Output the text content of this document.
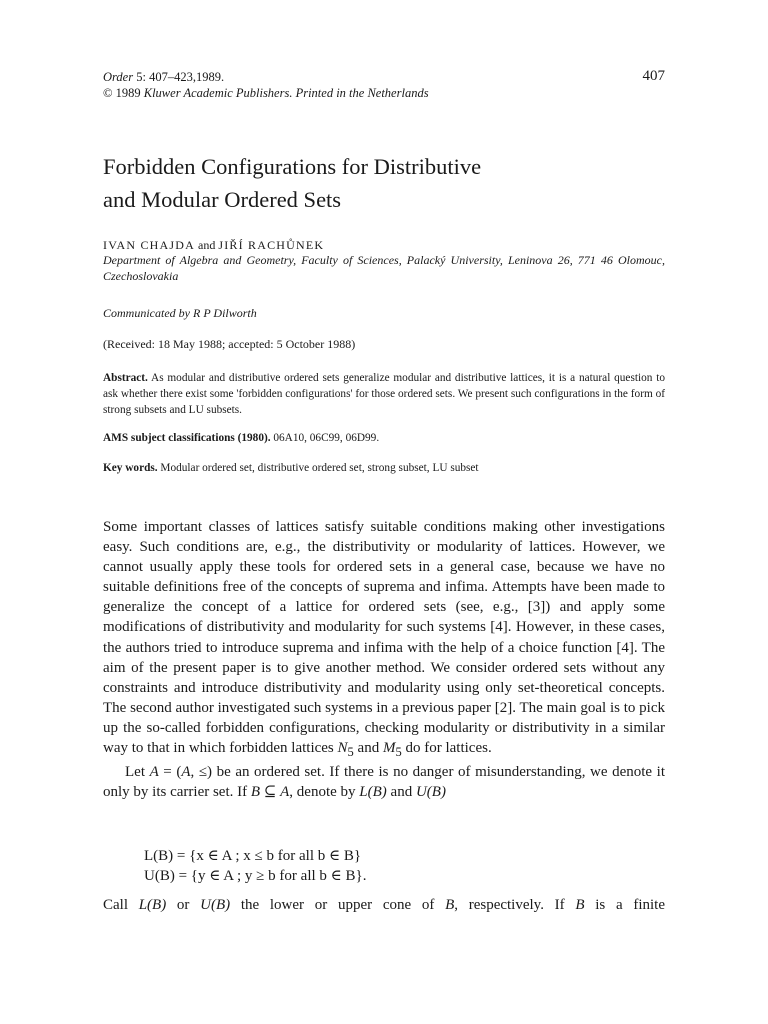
Order 5: 407–423,1989.
© 1989 Kluwer Academic Publishers. Printed in the Netherlands
407
Forbidden Configurations for Distributive
and Modular Ordered Sets
IVAN CHAJDA and JIŘÍ RACHŮNEK
Department of Algebra and Geometry, Faculty of Sciences, Palacký University, Leninova 26, 771 46 Olomouc, Czechoslovakia
Communicated by R P Dilworth
(Received: 18 May 1988; accepted: 5 October 1988)
Abstract. As modular and distributive ordered sets generalize modular and distributive lattices, it is a natural question to ask whether there exist some 'forbidden configurations' for those ordered sets. We present such configurations in the form of strong subsets and LU subsets.
AMS subject classifications (1980). 06A10, 06C99, 06D99.
Key words. Modular ordered set, distributive ordered set, strong subset, LU subset

Some important classes of lattices satisfy suitable conditions making other investigations easy. Such conditions are, e.g., the distributivity or modularity of lattices. However, we cannot usually apply these tools for ordered sets in a general case, because we have no suitable definitions free of the concepts of suprema and infima. Attempts have been made to generalize the concept of a lattice for ordered sets (see, e.g., [3]) and apply some modifications of distributivity and modularity for such systems [4]. However, in these cases, the authors tried to introduce suprema and infima with the help of a choice function [4]. The aim of the present paper is to give another method. We consider ordered sets without any constraints and introduce distributivity and modularity using only set-theoretical concepts. The second author investigated such systems in a previous paper [2]. The main goal is to pick up the so-called forbidden configurations, checking modularity or distributivity in a similar way to that in which forbidden lattices $N_5$ and $M_5$ do for lattices.

Let A = (A, ≤) be an ordered set. If there is no danger of misunderstanding, we denote it only by its carrier set. If B ⊆ A, denote by L(B) and U(B)

L(B) = {x ∈ A ; x ≤ b for all b ∈ B}
U(B) = {y ∈ A ; y ≥ b for all b ∈ B}.
Call L(B) or U(B) the lower or upper cone of B, respectively. If B is a finite
